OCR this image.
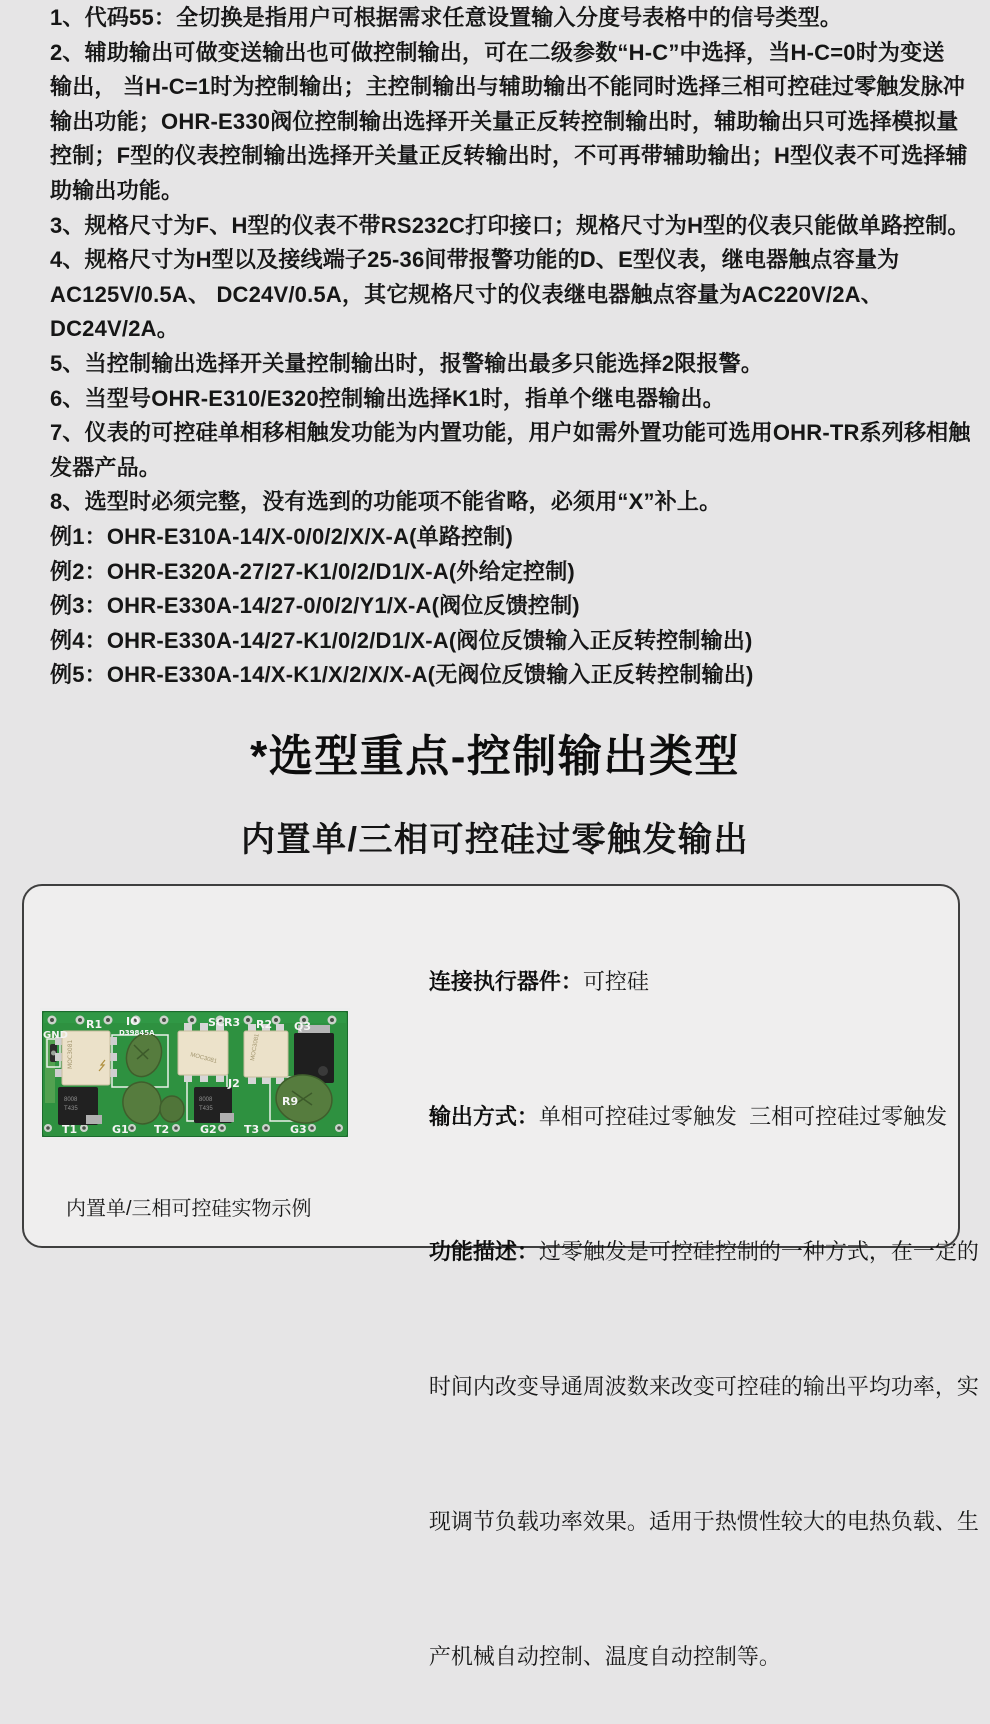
1、代码55：全切换是指用户可根据需求任意设置输入分度号表格中的信号类型。
2、辅助输出可做变送输出也可做控制输出，可在二级参数“H-C”中选择，当H-C=0时为变送
输出， 当H-C=1时为控制输出；主控制输出与辅助输出不能同时选择三相可控硅过零触发脉冲
输出功能；OHR-E330阀位控制输出选择开关量正反转控制输出时，辅助输出只可选择模拟量
控制；F型的仪表控制输出选择开关量正反转输出时，不可再带辅助输出；H型仪表不可选择辅
助输出功能。
3、规格尺寸为F、H型的仪表不带RS232C打印接口；规格尺寸为H型的仪表只能做单路控制。
4、规格尺寸为H型以及接线端子25-36间带报警功能的D、E型仪表，继电器触点容量为
AC125V/0.5A、 DC24V/0.5A，其它规格尺寸的仪表继电器触点容量为AC220V/2A、
DC24V/2A。
5、当控制输出选择开关量控制输出时，报警输出最多只能选择2限报警。
6、当型号OHR-E310/E320控制输出选择K1时，指单个继电器输出。
7、仪表的可控硅单相移相触发功能为内置功能，用户如需外置功能可选用OHR-TR系列移相触
发器产品。
8、选型时必须完整，没有选到的功能项不能省略，必须用“X”补上。
例1：OHR-E310A-14/X-0/0/2/X/X-A(单路控制)
例2：OHR-E320A-27/27-K1/0/2/D1/X-A(外给定控制)
例3：OHR-E330A-14/27-0/0/2/Y1/X-A(阀位反馈控制)
例4：OHR-E330A-14/27-K1/0/2/D1/X-A(阀位反馈输入正反转控制输出)
例5：OHR-E330A-14/X-K1/X/2/X/X-A(无阀位反馈输入正反转控制输出)
*选型重点-控制输出类型
内置单/三相可控硅过零触发输出
MOC3081	MOC3081	MOC3081
8008
T435
8008
T435
GND
R1 IO
D39845A
SCR3 R2 Q3
J2
R9
T1	G1 T2	G2 T3	G3
内置单/三相可控硅实物示例

连接执行器件：可控硅

输出方式：单相可控硅过零触发  三相可控硅过零触发

功能描述：过零触发是可控硅控制的一种方式，在一定的

时间内改变导通周波数来改变可控硅的输出平均功率，实

现调节负载功率效果。适用于热惯性较大的电热负载、生

产机械自动控制、温度自动控制等。
